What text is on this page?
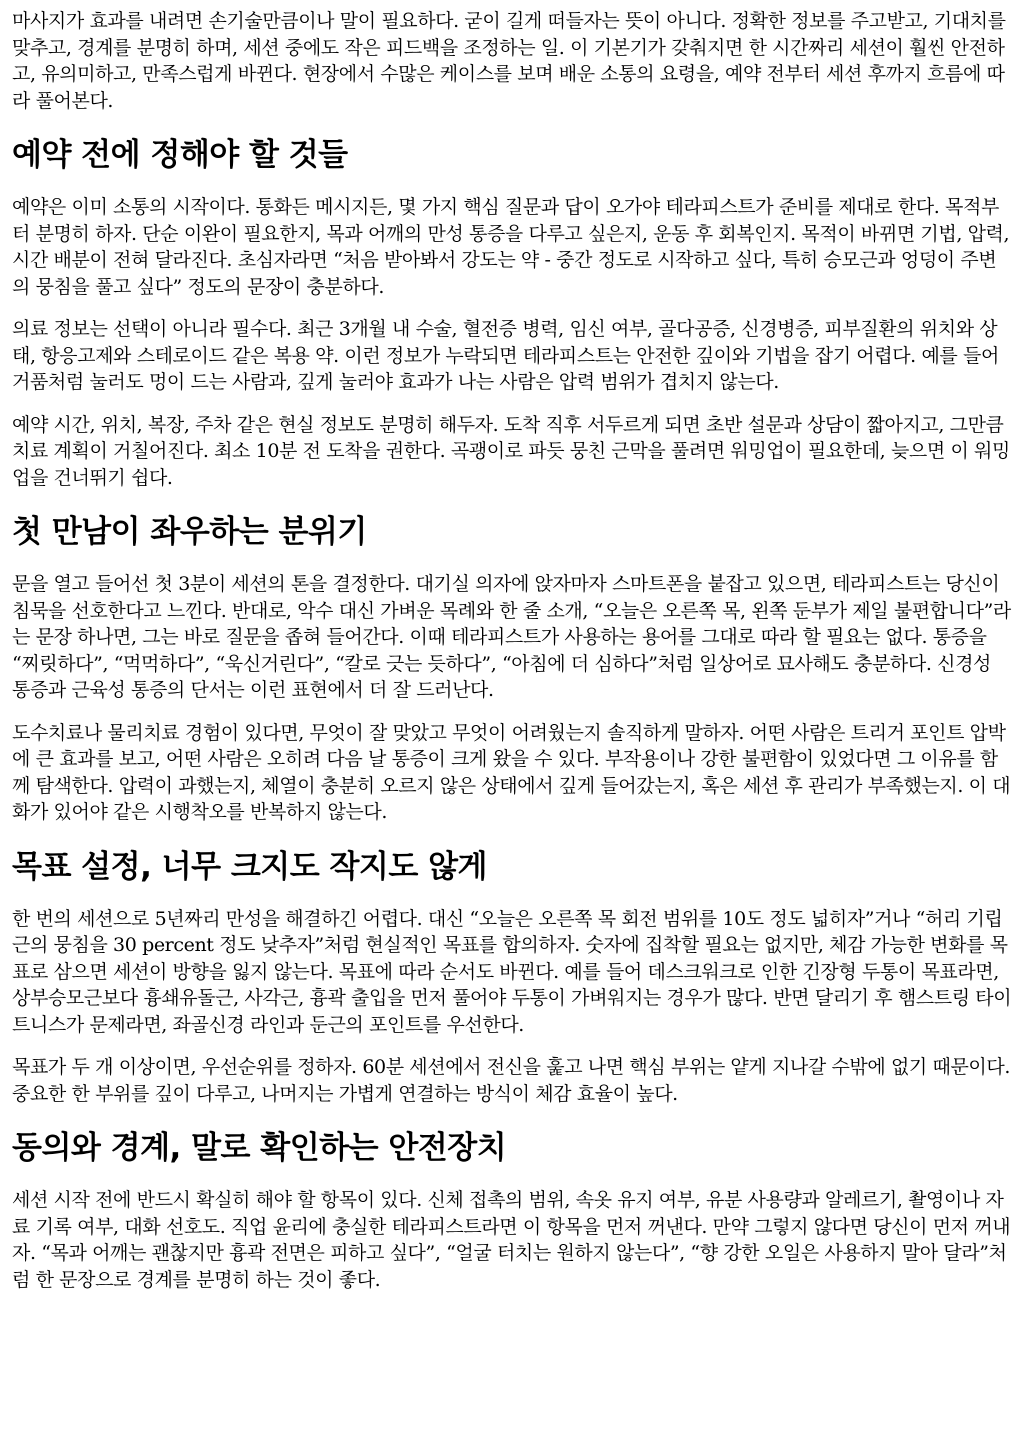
마사지가 효과를 내려면 손기술만큼이나 말이 필요하다. 굳이 길게 떠들자는 뜻이 아니다. 정확한 정보를 주고받고, 기대치를 맞추고, 경계를 분명히 하며, 세션 중에도 작은 피드백을 조정하는 일. 이 기본기가 갖춰지면 한 시간짜리 세션이 훨씬 안전하고, 유의미하고, 만족스럽게 바뀐다. 현장에서 수많은 케이스를 보며 배운 소통의 요령을, 예약 전부터 세션 후까지 흐름에 따라 풀어본다.

예약 전에 정해야 할 것들

예약은 이미 소통의 시작이다. 통화든 메시지든, 몇 가지 핵심 질문과 답이 오가야 테라피스트가 준비를 제대로 한다. 목적부터 분명히 하자. 단순 이완이 필요한지, 목과 어깨의 만성 통증을 다루고 싶은지, 운동 후 회복인지. 목적이 바뀌면 기법, 압력, 시간 배분이 전혀 달라진다. 초심자라면 “처음 받아봐서 강도는 약 - 중간 정도로 시작하고 싶다, 특히 승모근과 엉덩이 주변의 뭉침을 풀고 싶다” 정도의 문장이 충분하다.

의료 정보는 선택이 아니라 필수다. 최근 3개월 내 수술, 혈전증 병력, 임신 여부, 골다공증, 신경병증, 피부질환의 위치와 상태, 항응고제와 스테로이드 같은 복용 약. 이런 정보가 누락되면 테라피스트는 안전한 깊이와 기법을 잡기 어렵다. 예를 들어 거품처럼 눌러도 멍이 드는 사람과, 깊게 눌러야 효과가 나는 사람은 압력 범위가 겹치지 않는다.

예약 시간, 위치, 복장, 주차 같은 현실 정보도 분명히 해두자. 도착 직후 서두르게 되면 초반 설문과 상담이 짧아지고, 그만큼 치료 계획이 거칠어진다. 최소 10분 전 도착을 권한다. 곡괭이로 파듯 뭉친 근막을 풀려면 워밍업이 필요한데, 늦으면 이 워밍업을 건너뛰기 쉽다.

첫 만남이 좌우하는 분위기

문을 열고 들어선 첫 3분이 세션의 톤을 결정한다. 대기실 의자에 앉자마자 스마트폰을 붙잡고 있으면, 테라피스트는 당신이 침묵을 선호한다고 느낀다. 반대로, 악수 대신 가벼운 목례와 한 줄 소개, “오늘은 오른쪽 목, 왼쪽 둔부가 제일 불편합니다”라는 문장 하나면, 그는 바로 질문을 좁혀 들어간다. 이때 테라피스트가 사용하는 용어를 그대로 따라 할 필요는 없다. 통증을 “찌릿하다”, “먹먹하다”, “욱신거린다”, “칼로 긋는 듯하다”, “아침에 더 심하다”처럼 일상어로 묘사해도 충분하다. 신경성 통증과 근육성 통증의 단서는 이런 표현에서 더 잘 드러난다.

도수치료나 물리치료 경험이 있다면, 무엇이 잘 맞았고 무엇이 어려웠는지 솔직하게 말하자. 어떤 사람은 트리거 포인트 압박에 큰 효과를 보고, 어떤 사람은 오히려 다음 날 통증이 크게 왔을 수 있다. 부작용이나 강한 불편함이 있었다면 그 이유를 함께 탐색한다. 압력이 과했는지, 체열이 충분히 오르지 않은 상태에서 깊게 들어갔는지, 혹은 세션 후 관리가 부족했는지. 이 대화가 있어야 같은 시행착오를 반복하지 않는다.

목표 설정, 너무 크지도 작지도 않게

한 번의 세션으로 5년짜리 만성을 해결하긴 어렵다. 대신 “오늘은 오른쪽 목 회전 범위를 10도 정도 넓히자”거나 “허리 기립근의 뭉침을 30 percent 정도 낮추자”처럼 현실적인 목표를 합의하자. 숫자에 집착할 필요는 없지만, 체감 가능한 변화를 목표로 삼으면 세션이 방향을 잃지 않는다. 목표에 따라 순서도 바뀐다. 예를 들어 데스크워크로 인한 긴장형 두통이 목표라면, 상부승모근보다 흉쇄유돌근, 사각근, 흉곽 출입을 먼저 풀어야 두통이 가벼워지는 경우가 많다. 반면 달리기 후 햄스트링 타이트니스가 문제라면, 좌골신경 라인과 둔근의 포인트를 우선한다.

목표가 두 개 이상이면, 우선순위를 정하자. 60분 세션에서 전신을 훑고 나면 핵심 부위는 얕게 지나갈 수밖에 없기 때문이다. 중요한 한 부위를 깊이 다루고, 나머지는 가볍게 연결하는 방식이 체감 효율이 높다.

동의와 경계, 말로 확인하는 안전장치

세션 시작 전에 반드시 확실히 해야 할 항목이 있다. 신체 접촉의 범위, 속옷 유지 여부, 유분 사용량과 알레르기, 촬영이나 자료 기록 여부, 대화 선호도. 직업 윤리에 충실한 테라피스트라면 이 항목을 먼저 꺼낸다. 만약 그렇지 않다면 당신이 먼저 꺼내자. “목과 어깨는 괜찮지만 흉곽 전면은 피하고 싶다”, “얼굴 터치는 원하지 않는다”, “향 강한 오일은 사용하지 말아 달라”처럼 한 문장으로 경계를 분명히 하는 것이 좋다.
